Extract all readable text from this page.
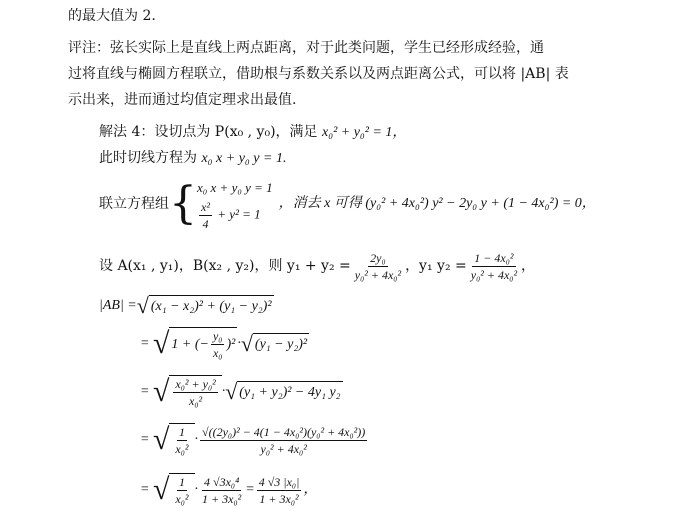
的最大值为 2.
评注：弦长实际上是直线上两点距离，对于此类问题，学生已经形成经验，通
过将直线与椭圆方程联立，借助根与系数关系以及两点距离公式，可以将 |AB| 表
示出来，进而通过均值定理求出最值.
解法 4：设切点为 P(x₀ , y₀)，满足 x₀² + y₀² = 1，
此时切线方程为 x₀ x + y₀ y = 1.
联立方程组 { x₀ x + y₀ y = 1
$\frac{\text{x²}}{4} + y^2 = 1$
，消去 x 可得 (y₀² + 4x₀²) y² − 2y₀ y + (1 − 4x₀²) = 0，
设 A(x₁ , y₁)，B(x₂ , y₂)，则 $y_1 + y_2 = \frac{\text{2y₀}}{\text{y₀² + 4x₀²}}$ ，y₁ $y_2 = \frac{\text{1 − 4x₀²}}{\text{y₀² + 4x₀²}}$ ，
|AB| = √ (x₁ − x₂)² + (y₁ − y₂)²
=
√ 1 + (− $\frac{\text{y₀}}{\text{x₀}} )^2$ · √ (y₁ − y₂)²
=
√ $\frac{\text{x₀² + y₀²}}{\text{x₀²}}$ · √ (y₁ + y₂)² − 4y₁ y₂
=
√ $\frac{1}{\text{x₀²}} \cdot \frac{\text{√((2y₀)² − 4(1 − 4x₀²)(y₀² + 4x₀²))}}{\text{y₀² + 4x₀²}}$
=
√ $\frac{1}{\text{x₀²}} \cdot \frac{\text{4 √3x₀⁴}}{\text{1 + 3x₀²}} = \frac{\text{4 √3 |x₀|}}{\text{1 + 3x₀²}}$ ，
